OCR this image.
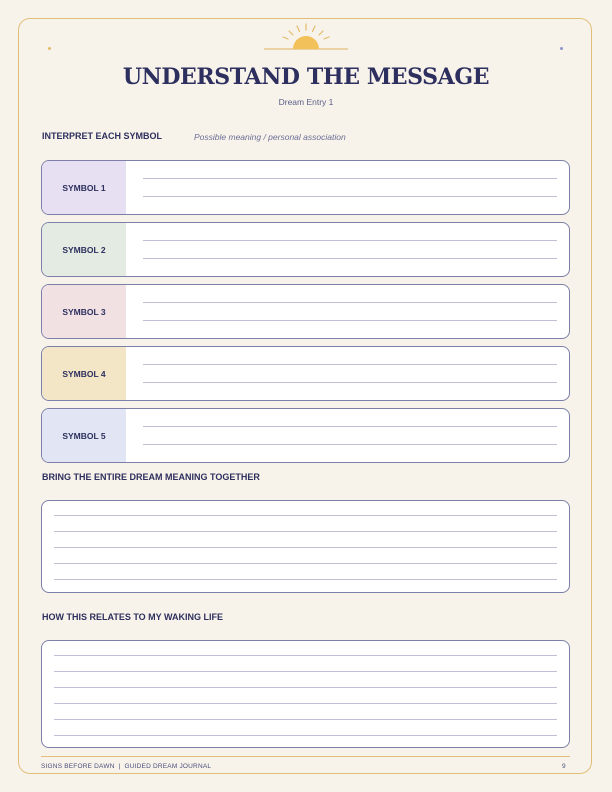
UNDERSTAND THE MESSAGE
Dream Entry 1
INTERPRET EACH SYMBOL	Possible meaning / personal association
SYMBOL 1
SYMBOL 2
SYMBOL 3
SYMBOL 4
SYMBOL 5
BRING THE ENTIRE DREAM MEANING TOGETHER
HOW THIS RELATES TO MY WAKING LIFE
SIGNS BEFORE DAWN | GUIDED DREAM JOURNAL	9
